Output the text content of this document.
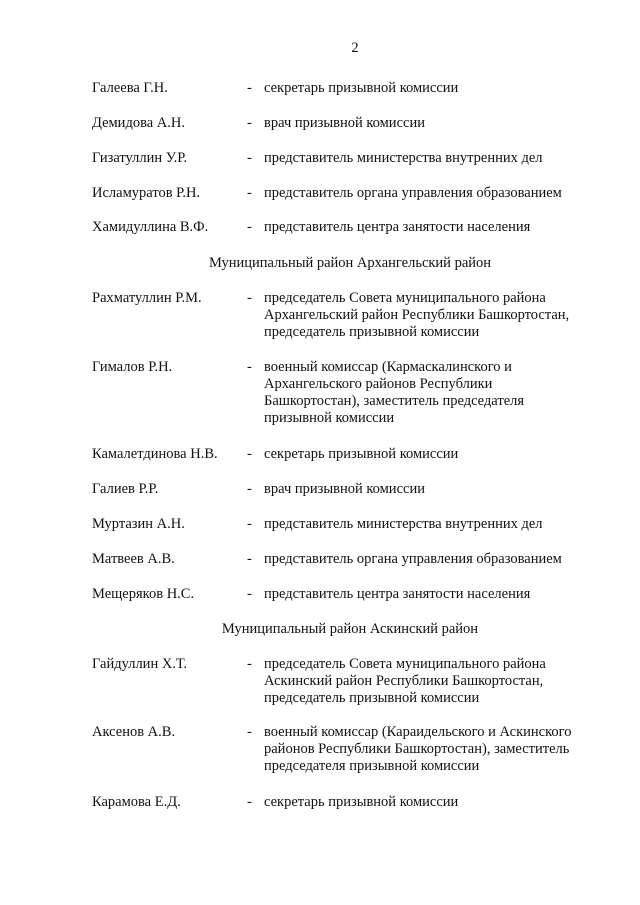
2
Галеева Г.Н.	- секретарь призывной комиссии
Демидова А.Н.	- врач призывной комиссии
Гизатуллин У.Р.	- представитель министерства внутренних дел
Исламуратов Р.Н.	- представитель органа управления образованием
Хамидуллина В.Ф.	- представитель центра занятости населения
Муниципальный район Архангельский район
Рахматуллин Р.М.	- председатель Совета муниципального района
Архангельский район Республики Башкортостан,
председатель призывной комиссии
Гималов Р.Н.	- военный комиссар (Кармаскалинского и
Архангельского районов Республики
Башкортостан), заместитель председателя
призывной комиссии
Камалетдинова Н.В. - секретарь призывной комиссии
Галиев Р.Р.	- врач призывной комиссии
Муртазин А.Н.	- представитель министерства внутренних дел
Матвеев А.В.	- представитель органа управления образованием
Мещеряков Н.С.	- представитель центра занятости населения
Муниципальный район Аскинский район
Гайдуллин Х.Т.	- председатель Совета муниципального района
Аскинский район Республики Башкортостан,
председатель призывной комиссии
Аксенов А.В.	- военный комиссар (Караидельского и Аскинского
районов Республики Башкортостан), заместитель
председателя призывной комиссии
Карамова Е.Д.	- секретарь призывной комиссии
